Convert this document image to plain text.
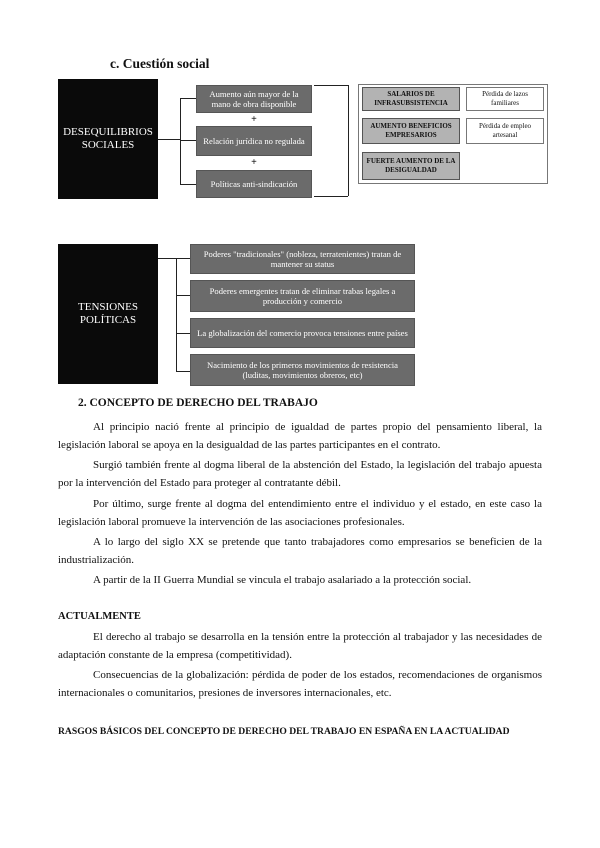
c. Cuestión social
DESEQUILIBRIOS SOCIALES
Aumento aún mayor de la mano de obra disponible
+
Relación jurídica no regulada
+
Políticas anti-sindicación
SALARIOS DE INFRASUBSISTENCIA
AUMENTO BENEFICIOS EMPRESARIOS
FUERTE AUMENTO DE LA DESIGUALDAD
Pérdida de lazos familiares
Pérdida de empleo artesanal
TENSIONES POLÍTICAS
Poderes "tradicionales" (nobleza, terratenientes) tratan de mantener su status
Poderes emergentes tratan de eliminar trabas legales a producción y comercio
La globalización del comercio provoca tensiones entre países
Nacimiento de los primeros movimientos de resistencia (luditas, movimientos obreros, etc)
2. CONCEPTO DE DERECHO DEL TRABAJO
Al principio nació frente al principio de igualdad de partes propio del pensamiento liberal, la legislación laboral se apoya en la desigualdad de las partes participantes en el contrato.
Surgió también frente al dogma liberal de la abstención del Estado, la legislación del trabajo apuesta por la intervención del Estado para proteger al contratante débil.
Por último, surge frente al dogma del entendimiento entre el individuo y el estado, en este caso la legislación laboral promueve la intervención de las asociaciones profesionales.
A lo largo del siglo XX se pretende que tanto trabajadores como empresarios se beneficien de la industrialización.
A partir de la II Guerra Mundial se vincula el trabajo asalariado a la protección social.
ACTUALMENTE
El derecho al trabajo se desarrolla en la tensión entre la protección al trabajador y las necesidades de adaptación constante de la empresa (competitividad).
Consecuencias de la globalización: pérdida de poder de los estados, recomendaciones de organismos internacionales o comunitarios, presiones de inversores internacionales, etc.
RASGOS BÁSICOS DEL CONCEPTO DE DERECHO DEL TRABAJO EN ESPAÑA EN LA ACTUALIDAD
